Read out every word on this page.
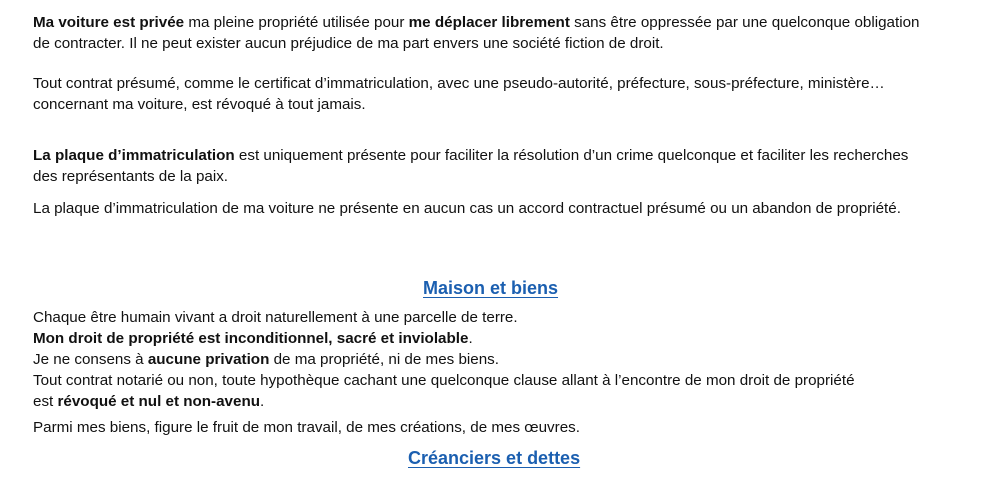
Ma voiture est privée ma pleine propriété utilisée pour me déplacer librement sans être oppressée par une quelconque obligation
de contracter. Il ne peut exister aucun préjudice de ma part envers une société fiction de droit.

Tout contrat présumé, comme le certificat d’immatriculation, avec une pseudo-autorité, préfecture, sous-préfecture, ministère…
concernant ma voiture, est révoqué à tout jamais.

La plaque d’immatriculation est uniquement présente pour faciliter la résolution d’un crime quelconque et faciliter les recherches
des représentants de la paix.

La plaque d’immatriculation de ma voiture ne présente en aucun cas un accord contractuel présumé ou un abandon de propriété.

Maison et biens
Chaque être humain vivant a droit naturellement à une parcelle de terre.
Mon droit de propriété est inconditionnel, sacré et inviolable.
Je ne consens à aucune privation de ma propriété, ni de mes biens.
Tout contrat notarié ou non, toute hypothèque cachant une quelconque clause allant à l’encontre de mon droit de propriété
est révoqué et nul et non-avenu.

Parmi mes biens, figure le fruit de mon travail, de mes créations, de mes œuvres.

Créanciers et dettes
